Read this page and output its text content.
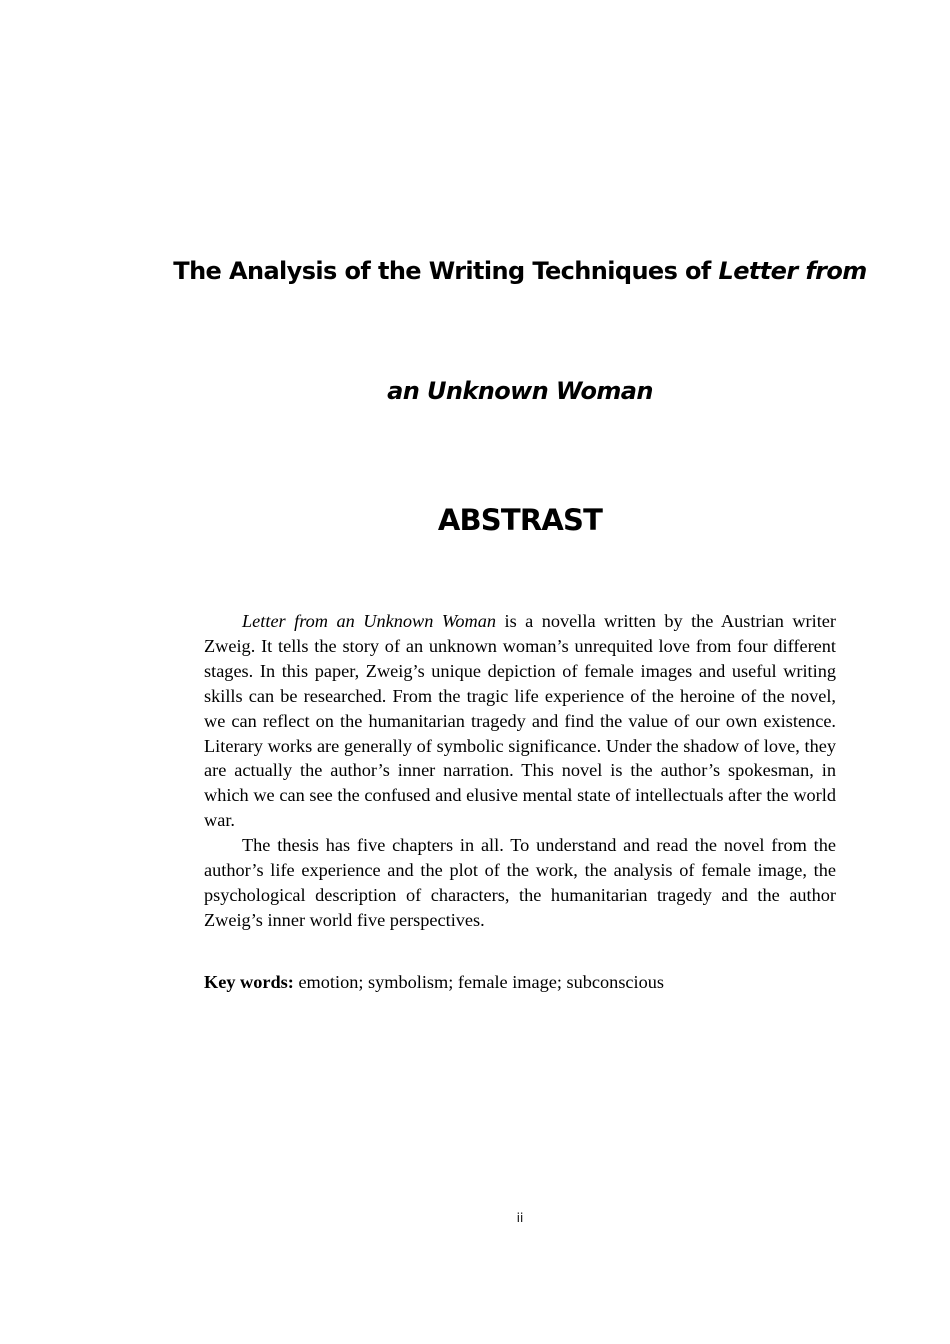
The Analysis of the Writing Techniques of Letter from
an Unknown Woman
ABSTRAST

Letter from an Unknown Woman is a novella written by the Austrian writer Zweig. It tells the story of an unknown woman’s unrequited love from four different stages. In this paper, Zweig’s unique depiction of female images and useful writing skills can be researched. From the tragic life experience of the heroine of the novel, we can reflect on the humanitarian tragedy and find the value of our own existence. Literary works are generally of symbolic significance. Under the shadow of love, they are actually the author’s inner narration. This novel is the author’s spokesman, in which we can see the confused and elusive mental state of intellectuals after the world war.

The thesis has five chapters in all. To understand and read the novel from the author’s life experience and the plot of the work, the analysis of female image, the psychological description of characters, the humanitarian tragedy and the author Zweig’s inner world five perspectives.

Key words: emotion; symbolism; female image; subconscious
ii
